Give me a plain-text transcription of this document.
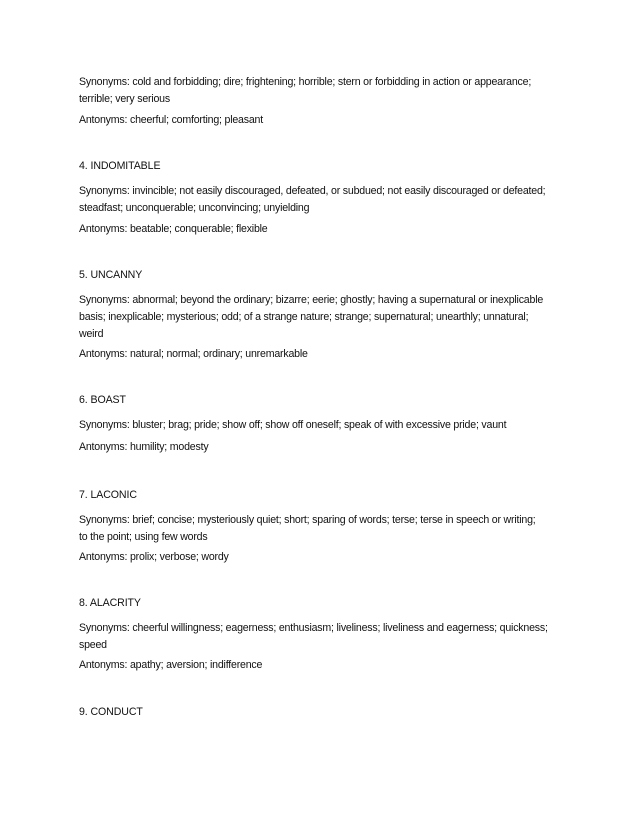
Synonyms: cold and forbidding; dire; frightening; horrible; stern or forbidding in action or appearance;
terrible; very serious
Antonyms: cheerful; comforting; pleasant
4. INDOMITABLE
Synonyms: invincible; not easily discouraged, defeated, or subdued; not easily discouraged or defeated;
steadfast; unconquerable; unconvincing; unyielding
Antonyms: beatable; conquerable; flexible
5. UNCANNY
Synonyms: abnormal; beyond the ordinary; bizarre; eerie; ghostly; having a supernatural or inexplicable
basis; inexplicable; mysterious; odd; of a strange nature; strange; supernatural; unearthly; unnatural;
weird
Antonyms: natural; normal; ordinary; unremarkable
6. BOAST
Synonyms: bluster; brag; pride; show off; show off oneself; speak of with excessive pride; vaunt
Antonyms: humility; modesty
7. LACONIC
Synonyms: brief; concise; mysteriously quiet; short; sparing of words; terse; terse in speech or writing;
to the point; using few words
Antonyms: prolix; verbose; wordy
8. ALACRITY
Synonyms: cheerful willingness; eagerness; enthusiasm; liveliness; liveliness and eagerness; quickness;
speed
Antonyms: apathy; aversion; indifference
9. CONDUCT
